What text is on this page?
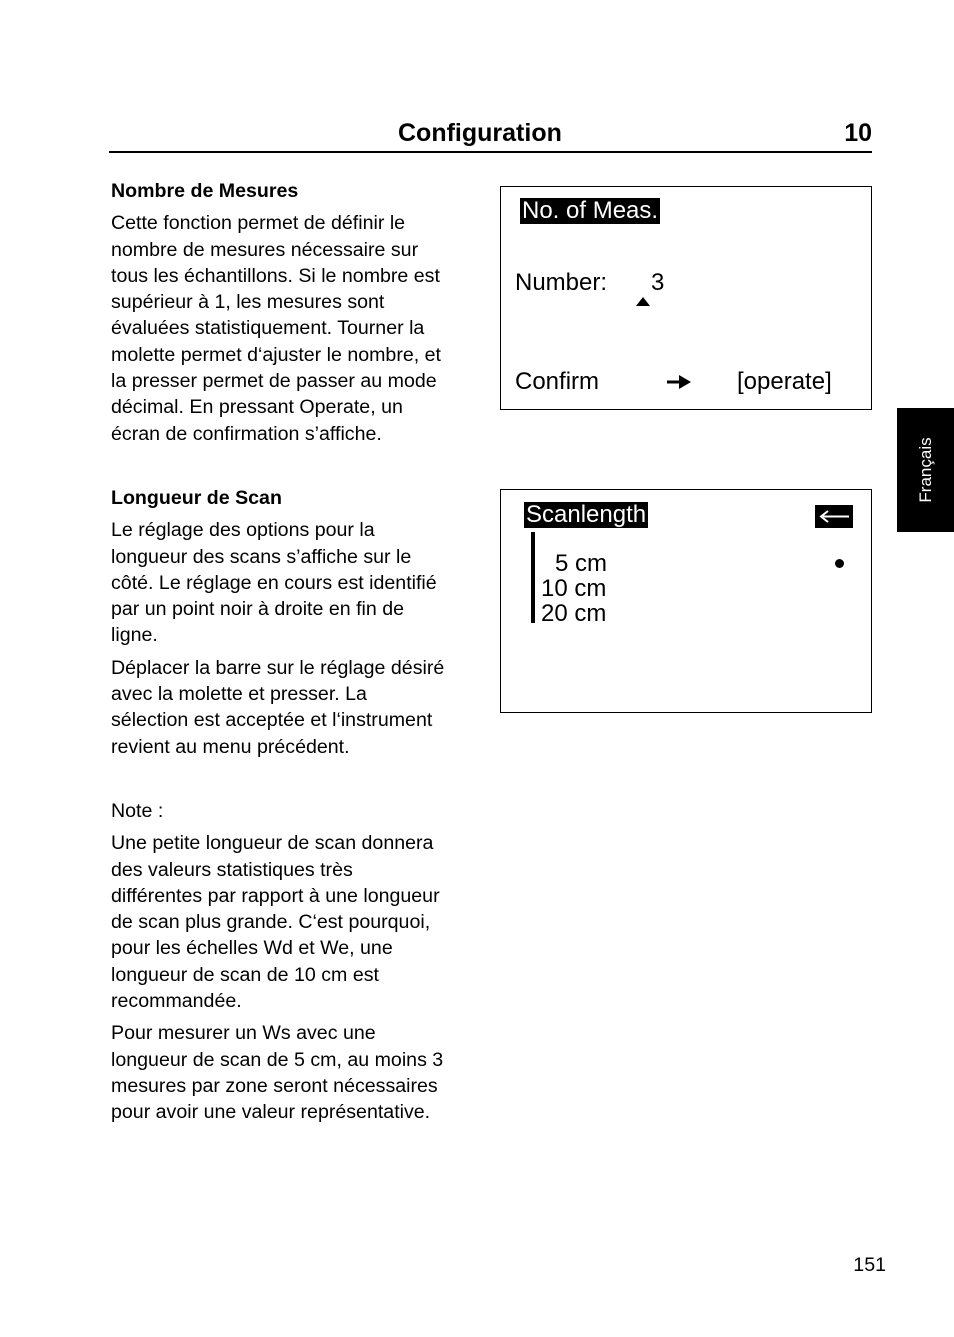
Configuration	10

Nombre de Mesures

Cette fonction permet de définir le

nombre de mesures nécessaire sur

tous les échantillons. Si le nombre est

supérieur à 1, les mesures sont

évaluées statistiquement. Tourner la

molette permet d‘ajuster le nombre, et

la presser permet de passer au mode

décimal. En pressant Operate, un

écran de confirmation s’affiche.

Longueur de Scan

Le réglage des options pour la

longueur des scans s’affiche sur le

côté. Le réglage en cours est identifié

par un point noir à droite en fin de

ligne.

Déplacer la barre sur le réglage désiré

avec la molette et presser. La

sélection est acceptée et l‘instrument

revient au menu précédent.

Note :

Une petite longueur de scan donnera

des valeurs statistiques très

différentes par rapport à une longueur

de scan plus grande. C‘est pourquoi,

pour les échelles Wd et We, une

longueur de scan de 10 cm est

recommandée.

Pour mesurer un Ws avec une

longueur de scan de 5 cm, au moins 3

mesures par zone seront nécessaires

pour avoir une valeur représentative.

No. of Meas.
Number: 3
Confirm	[operate]
Scanlength
5 cm
10 cm
20 cm
Français
151
